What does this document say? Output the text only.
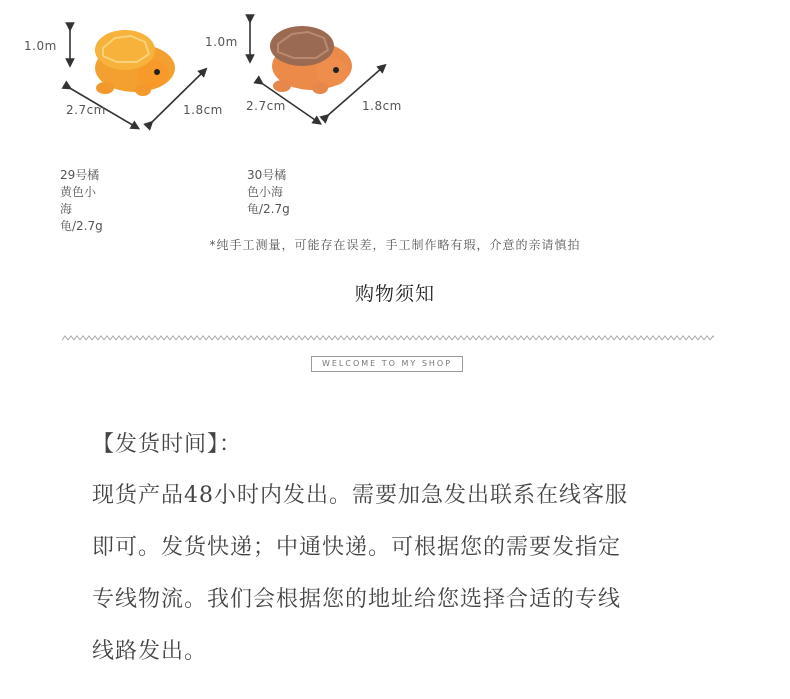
1.0m
2.7cm	1.8cm
29号橘黄色小海龟/2.7g
1.0m
2.7cm	1.8cm
30号橘色小海龟/2.7g
*纯手工测量，可能存在误差，手工制作略有瑕，介意的亲请慎拍
购物须知
WELCOME TO MY SHOP
【发货时间】：
现货产品48小时内发出。需要加急发出联系在线客服
即可。发货快递；中通快递。可根据您的需要发指定
专线物流。我们会根据您的地址给您选择合适的专线
线路发出。
